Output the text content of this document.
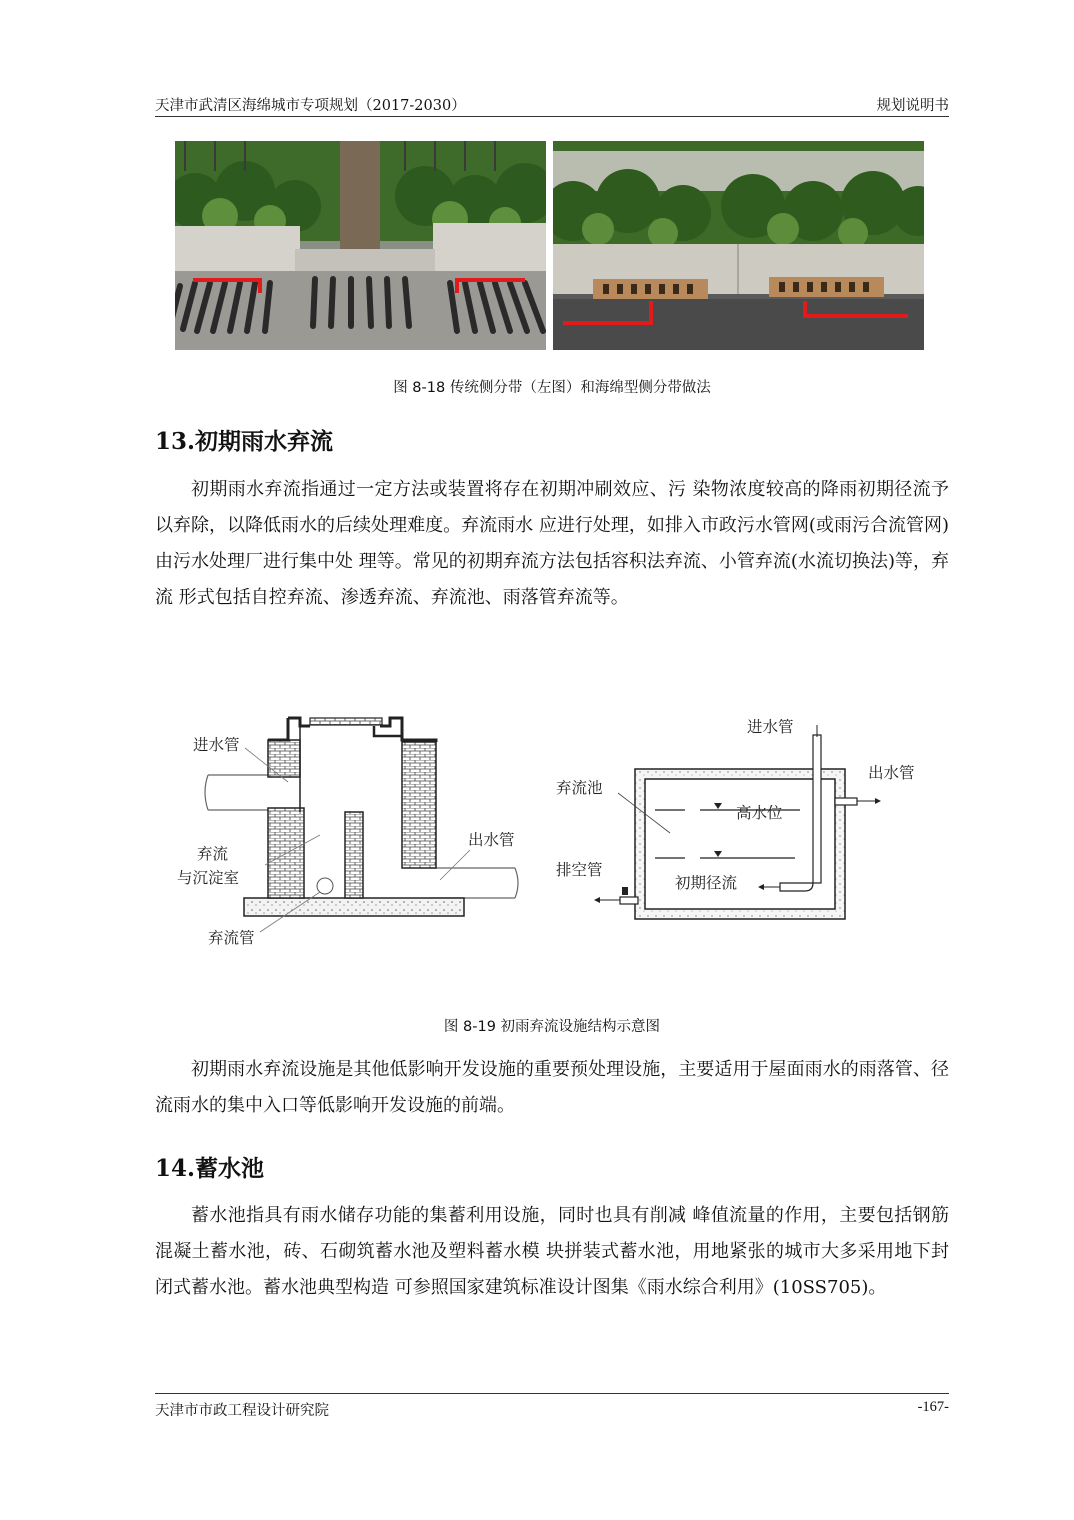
天津市武清区海绵城市专项规划（2017-2030）	规划说明书
图 8-18 传统侧分带（左图）和海绵型侧分带做法
13.初期雨水弃流

初期雨水弃流指通过一定方法或装置将存在初期冲刷效应、污 染物浓度较高的降雨初期径流予以弃除，以降低雨水的后续处理难度。弃流雨水 应进行处理，如排入市政污水管网(或雨污合流管网)由污水处理厂进行集中处 理等。常见的初期弃流方法包括容积法弃流、小管弃流(水流切换法)等，弃流 形式包括自控弃流、渗透弃流、弃流池、雨落管弃流等。

进水管
弃流
与沉淀室
出水管
弃流管
进水管
出水管
弃流池
高水位
排空管
初期径流
图 8-19 初雨弃流设施结构示意图

初期雨水弃流设施是其他低影响开发设施的重要预处理设施，主要适用于屋面雨水的雨落管、径流雨水的集中入口等低影响开发设施的前端。

14.蓄水池

蓄水池指具有雨水储存功能的集蓄利用设施，同时也具有削减 峰值流量的作用，主要包括钢筋混凝土蓄水池，砖、石砌筑蓄水池及塑料蓄水模 块拼装式蓄水池，用地紧张的城市大多采用地下封闭式蓄水池。蓄水池典型构造 可参照国家建筑标准设计图集《雨水综合利用》(10SS705)。

天津市市政工程设计研究院	-167-
